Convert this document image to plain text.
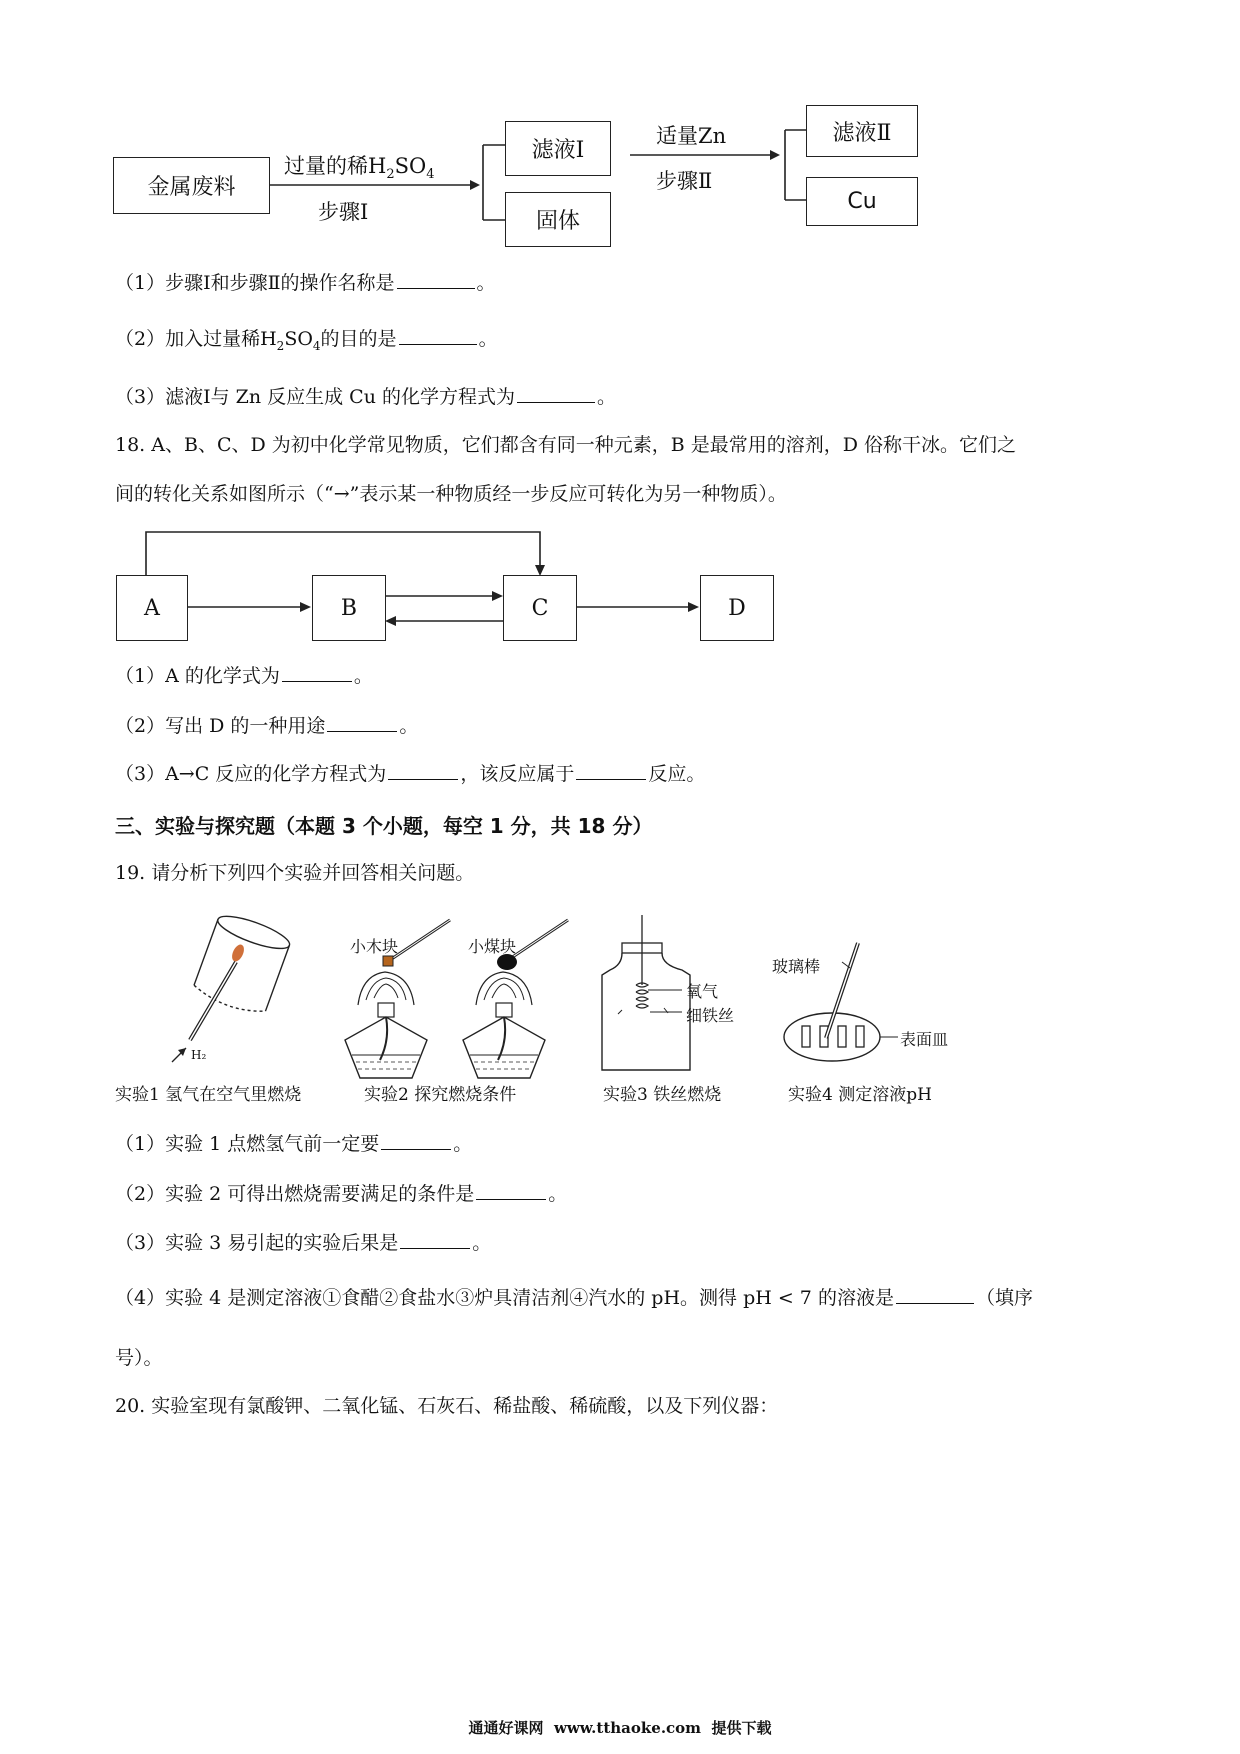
金属废料
过量的稀$H_2SO_4$
步骤Ⅰ
滤液Ⅰ
固体
适量Zn
步骤Ⅱ
滤液Ⅱ
Cu
（1）步骤Ⅰ和步骤Ⅱ的操作名称是	。
（2）加入过量稀$H_2SO_4$的目的是	。
（3）滤液Ⅰ与 Zn 反应生成 Cu 的化学方程式为	。
18. A、B、C、D 为初中化学常见物质，它们都含有同一种元素，B 是最常用的溶剂，D 俗称干冰。它们之
间的转化关系如图所示（“→”表示某一种物质经一步反应可转化为另一种物质）。
A	B	C	D
（1）A 的化学式为	。
（2）写出 D 的一种用途	。
（3）A→C 反应的化学方程式为	，该反应属于	反应。
三、实验与探究题（本题 3 个小题，每空 1 分，共 18 分）
19. 请分析下列四个实验并回答相关问题。
H₂
小木块	小煤块
氧气
细铁丝
玻璃棒
表面皿
实验1 氢气在空气里燃烧	实验2 探究燃烧条件	实验3 铁丝燃烧	实验4 测定溶液pH
（1）实验 1 点燃氢气前一定要	。
（2）实验 2 可得出燃烧需要满足的条件是	。
（3）实验 3 易引起的实验后果是	。
（4）实验 4 是测定溶液①食醋②食盐水③炉具清洁剂④汽水的 pH。测得 pH < 7 的溶液是	（填序
号）。
20. 实验室现有氯酸钾、二氧化锰、石灰石、稀盐酸、稀硫酸，以及下列仪器：
通通好课网  www.tthaoke.com  提供下载
